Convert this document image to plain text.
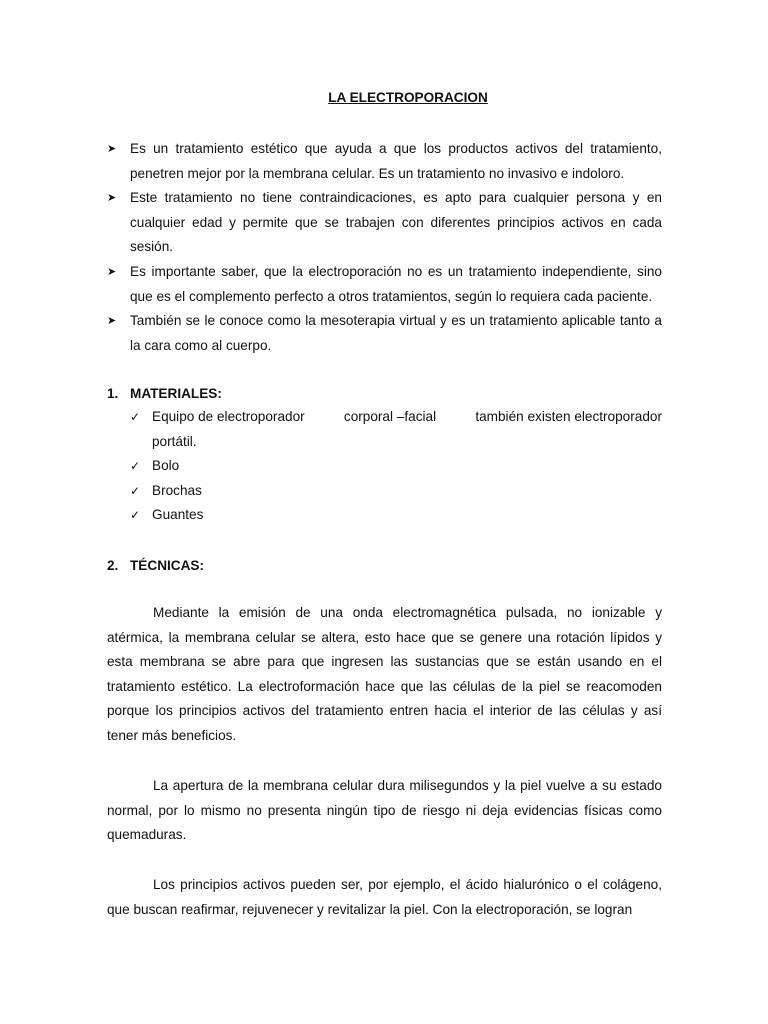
LA ELECTROPORACION
➤ Es un tratamiento estético que ayuda a que los productos activos del tratamiento, penetren mejor por la membrana celular. Es un tratamiento no invasivo e indoloro.
➤ Este tratamiento no tiene contraindicaciones, es apto para cualquier persona y en cualquier edad y permite que se trabajen con diferentes principios activos en cada sesión.
➤ Es importante saber, que la electroporación no es un tratamiento independiente, sino que es el complemento perfecto a otros tratamientos, según lo requiera cada paciente.
➤ También se le conoce como la mesoterapia virtual y es un tratamiento aplicable tanto a la cara como al cuerpo.
1. MATERIALES:
✓ Equipo de electroporador	corporal –facial	también existen electroporador
portátil.
✓ Bolo
✓ Brochas
✓ Guantes
2. TÉCNICAS:

Mediante la emisión de una onda electromagnética pulsada, no ionizable y atérmica, la membrana celular se altera, esto hace que se genere una rotación lípidos y esta membrana se abre para que ingresen las sustancias que se están usando en el tratamiento estético. La electroformación hace que las células de la piel se reacomoden porque los principios activos del tratamiento entren hacia el interior de las células y así tener más beneficios.

La apertura de la membrana celular dura milisegundos y la piel vuelve a su estado normal, por lo mismo no presenta ningún tipo de riesgo ni deja evidencias físicas como quemaduras.

Los principios activos pueden ser, por ejemplo, el ácido hialurónico o el colágeno, que buscan reafirmar, rejuvenecer y revitalizar la piel. Con la electroporación, se logran
